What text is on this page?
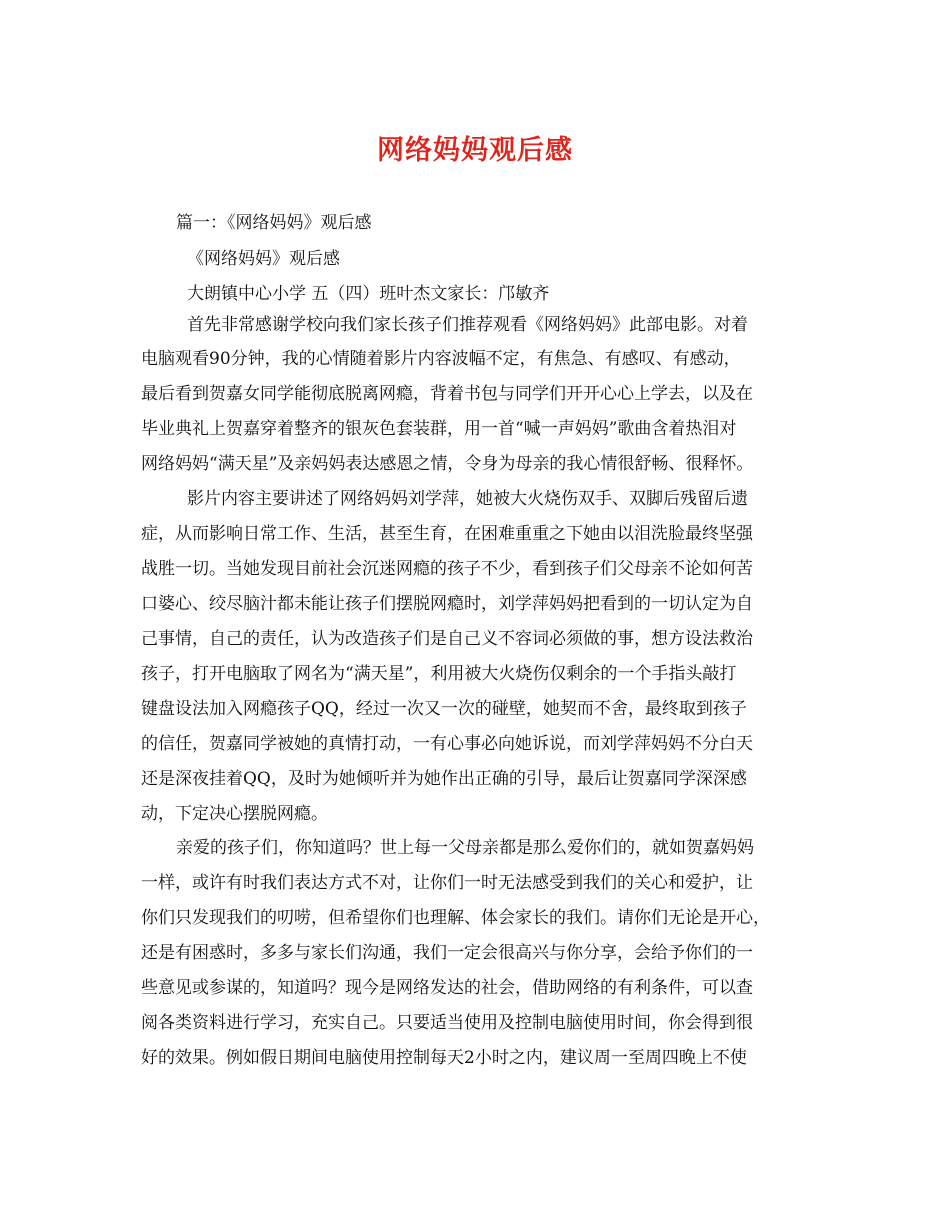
网络妈妈观后感

篇一：《网络妈妈》观后感

《网络妈妈》观后感

大朗镇中心小学 五（四）班叶杰文家长：邝敏齐

首先非常感谢学校向我们家长孩子们推荐观看《网络妈妈》此部电影。对着

电脑观看90分钟，我的心情随着影片内容波幅不定，有焦急、有感叹、有感动，

最后看到贺嘉女同学能彻底脱离网瘾，背着书包与同学们开开心心上学去，以及在

毕业典礼上贺嘉穿着整齐的银灰色套装群，用一首“喊一声妈妈”歌曲含着热泪对

网络妈妈“满天星”及亲妈妈表达感恩之情，令身为母亲的我心情很舒畅、很释怀。

影片内容主要讲述了网络妈妈刘学萍，她被大火烧伤双手、双脚后残留后遗

症，从而影响日常工作、生活，甚至生育，在困难重重之下她由以泪洗脸最终坚强

战胜一切。当她发现目前社会沉迷网瘾的孩子不少，看到孩子们父母亲不论如何苦

口婆心、绞尽脑汁都未能让孩子们摆脱网瘾时，刘学萍妈妈把看到的一切认定为自

己事情，自己的责任，认为改造孩子们是自己义不容词必须做的事，想方设法救治

孩子，打开电脑取了网名为“满天星”，利用被大火烧伤仅剩余的一个手指头敲打

键盘设法加入网瘾孩子QQ，经过一次又一次的碰壁，她契而不舍，最终取到孩子

的信任，贺嘉同学被她的真情打动，一有心事必向她诉说，而刘学萍妈妈不分白天

还是深夜挂着QQ，及时为她倾听并为她作出正确的引导，最后让贺嘉同学深深感

动，下定决心摆脱网瘾。

亲爱的孩子们，你知道吗？世上每一父母亲都是那么爱你们的，就如贺嘉妈妈

一样，或许有时我们表达方式不对，让你们一时无法感受到我们的关心和爱护，让

你们只发现我们的叨唠，但希望你们也理解、体会家长的我们。请你们无论是开心，

还是有困惑时，多多与家长们沟通，我们一定会很高兴与你分享，会给予你们的一

些意见或参谋的，知道吗？现今是网络发达的社会，借助网络的有利条件，可以查

阅各类资料进行学习，充实自己。只要适当使用及控制电脑使用时间，你会得到很

好的效果。例如假日期间电脑使用控制每天2小时之内，建议周一至周四晚上不使
